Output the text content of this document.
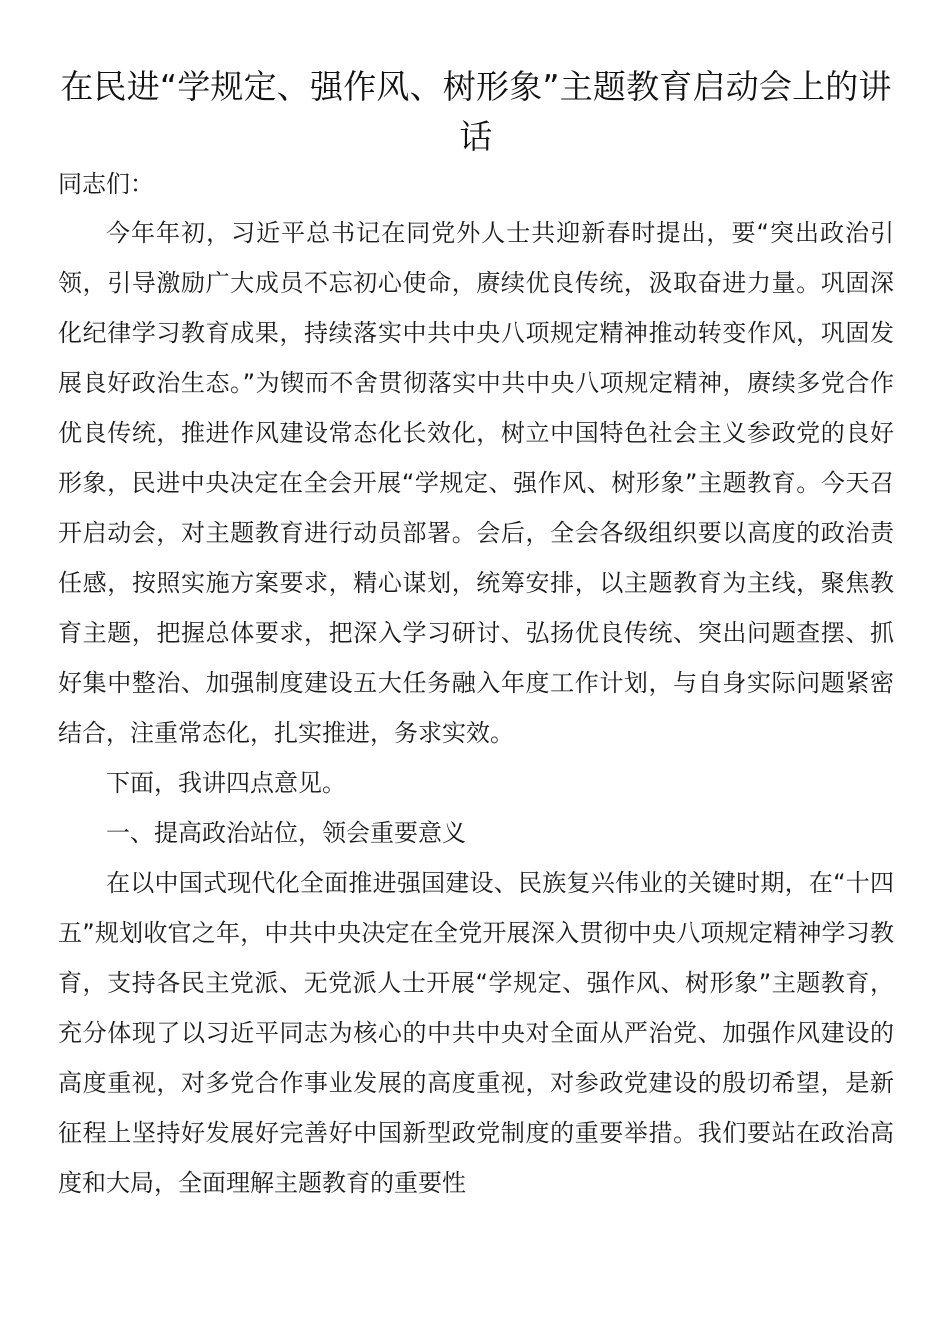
在民进“学规定、强作风、树形象”主题教育启动会上的讲话

同志们：

今年年初，习近平总书记在同党外人士共迎新春时提出，要“突出政治引领，引导激励广大成员不忘初心使命，赓续优良传统，汲取奋进力量。巩固深化纪律学习教育成果，持续落实中共中央八项规定精神推动转变作风，巩固发展良好政治生态。”为锲而不舍贯彻落实中共中央八项规定精神，赓续多党合作优良传统，推进作风建设常态化长效化，树立中国特色社会主义参政党的良好形象，民进中央决定在全会开展“学规定、强作风、树形象”主题教育。今天召开启动会，对主题教育进行动员部署。会后，全会各级组织要以高度的政治责任感，按照实施方案要求，精心谋划，统筹安排，以主题教育为主线，聚焦教育主题，把握总体要求，把深入学习研讨、弘扬优良传统、突出问题查摆、抓好集中整治、加强制度建设五大任务融入年度工作计划，与自身实际问题紧密结合，注重常态化，扎实推进，务求实效。

下面，我讲四点意见。

一、提高政治站位，领会重要意义

在以中国式现代化全面推进强国建设、民族复兴伟业的关键时期，在“十四五”规划收官之年，中共中央决定在全党开展深入贯彻中央八项规定精神学习教育，支持各民主党派、无党派人士开展“学规定、强作风、树形象”主题教育，充分体现了以习近平同志为核心的中共中央对全面从严治党、加强作风建设的高度重视，对多党合作事业发展的高度重视，对参政党建设的殷切希望，是新征程上坚持好发展好完善好中国新型政党制度的重要举措。我们要站在政治高度和大局，全面理解主题教育的重要性
